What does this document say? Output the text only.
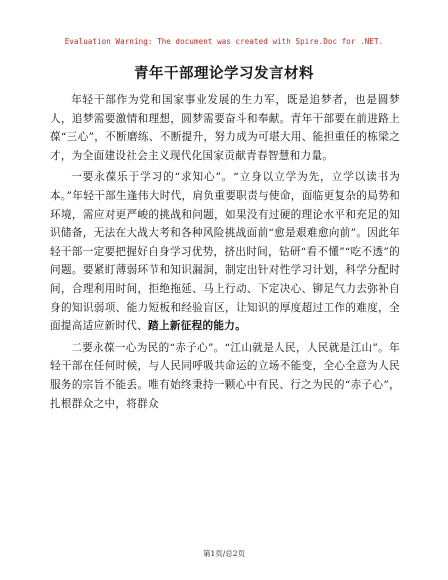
Evaluation Warning: The document was created with Spire.Doc for .NET.
青年干部理论学习发言材料

年轻干部作为党和国家事业发展的生力军，既是追梦者，也是圆梦人，追梦需要激情和理想，圆梦需要奋斗和奉献。青年干部要在前进路上葆“三心”，不断磨练、不断提升，努力成为可堪大用、能担重任的栋梁之才，为全面建设社会主义现代化国家贡献青春智慧和力量。

一要永葆乐于学习的“求知心”。“立身以立学为先，立学以读书为本。”年轻干部生逢伟大时代，肩负重要职责与使命，面临更复杂的局势和环境，需应对更严峻的挑战和问题，如果没有过硬的理论水平和充足的知识储备，无法在大战大考和各种风险挑战面前“愈是艰难愈向前”。因此年轻干部一定要把握好自身学习优势，挤出时间，钻研“看不懂”“吃不透”的问题。要紧盯薄弱环节和知识漏洞，制定出针对性学习计划，科学分配时间，合理利用时间，拒绝拖延、马上行动、下定决心、铆足气力去弥补自身的知识弱项、能力短板和经验盲区，让知识的厚度超过工作的难度，全面提高适应新时代、踏上新征程的能力。

二要永葆一心为民的“赤子心”。“江山就是人民，人民就是江山”。年轻干部在任何时候，与人民同呼吸共命运的立场不能变，全心全意为人民服务的宗旨不能丢。唯有始终秉持一颗心中有民、行之为民的“赤子心”，扎根群众之中，将群众

第1页/总2页
